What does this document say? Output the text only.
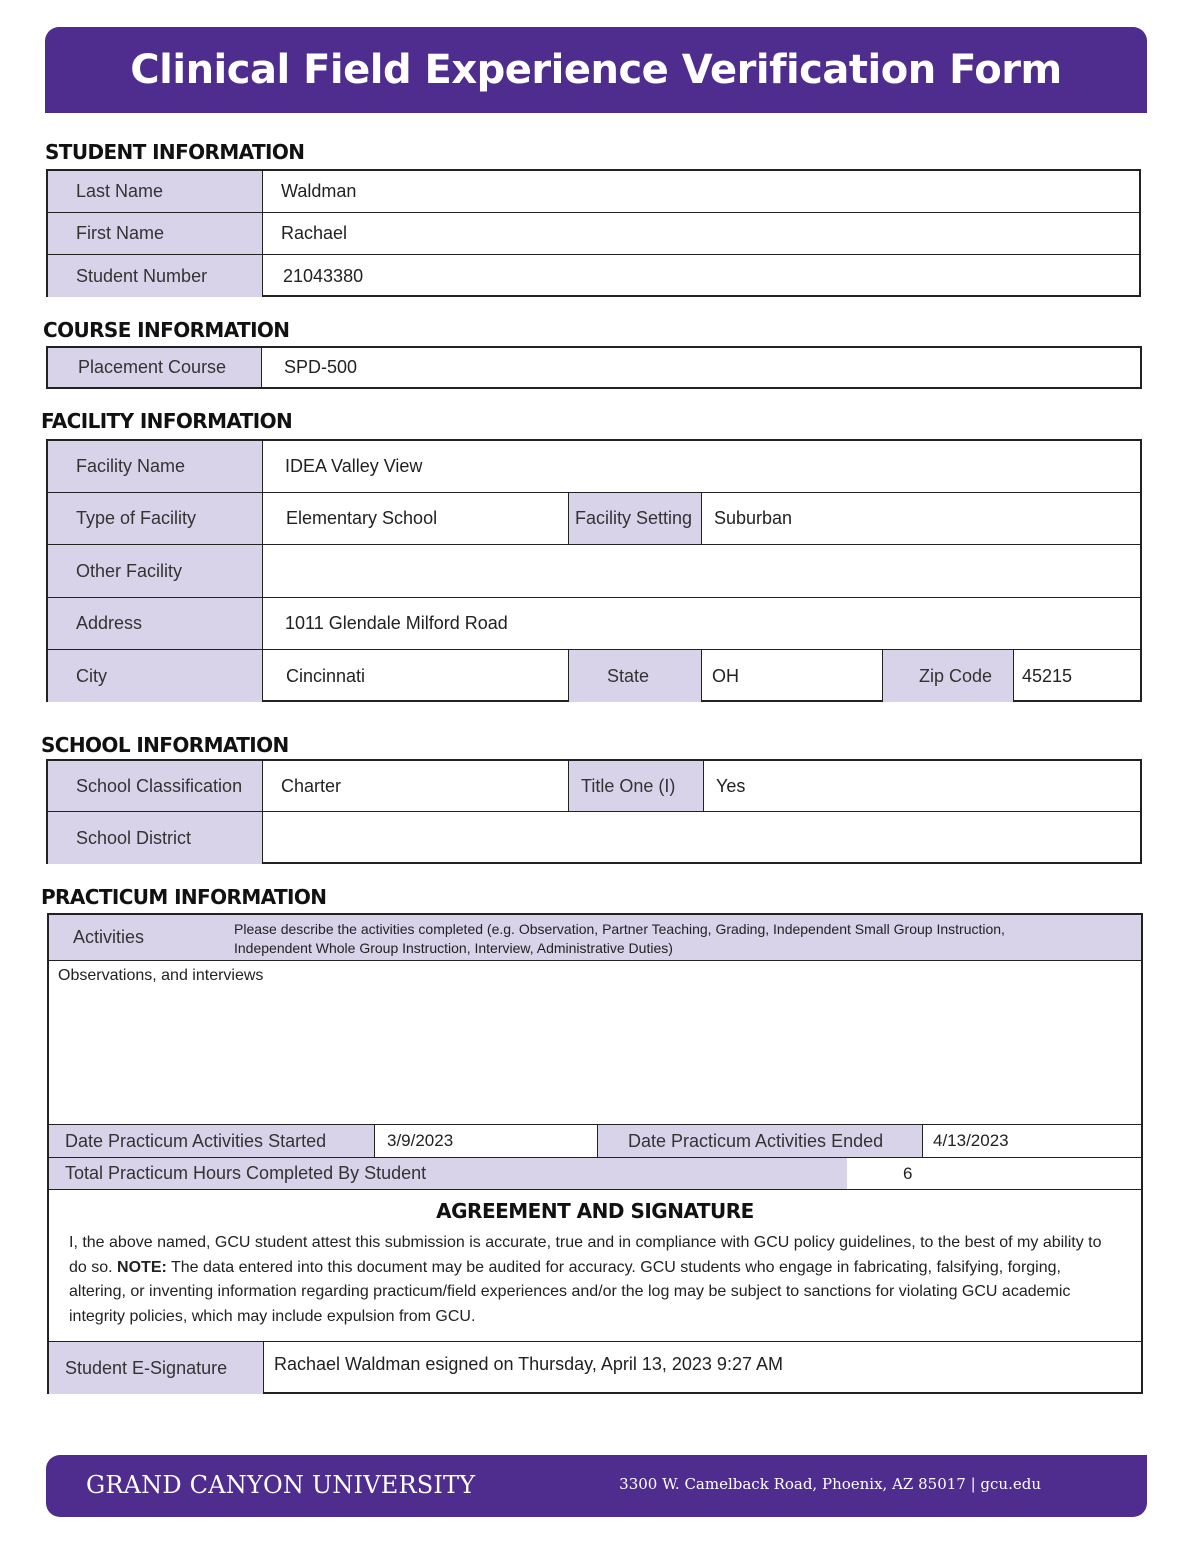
Clinical Field Experience Verification Form
STUDENT INFORMATION
Last Name	Waldman
First Name	Rachael
Student Number	21043380
COURSE INFORMATION
Placement Course	SPD-500
FACILITY INFORMATION
Facility Name	IDEA Valley View
Type of Facility	Elementary School	Facility Setting	Suburban
Other Facility
Address	1011 Glendale Milford Road
City	Cincinnati	State	OH	Zip Code	45215
SCHOOL INFORMATION
School Classification	Charter	Title One (I)	Yes
School District
PRACTICUM INFORMATION
Activities	Please describe the activities completed (e.g. Observation, Partner Teaching, Grading, Independent Small Group Instruction, Independent Whole Group Instruction, Interview, Administrative Duties)
Observations, and interviews
Date Practicum Activities Started	3/9/2023	Date Practicum Activities Ended	4/13/2023
Total Practicum Hours Completed By Student	6
AGREEMENT AND SIGNATURE
I, the above named, GCU student attest this submission is accurate, true and in compliance with GCU policy guidelines, to the best of my ability to do so. NOTE: The data entered into this document may be audited for accuracy. GCU students who engage in fabricating, falsifying, forging, altering, or inventing information regarding practicum/field experiences and/or the log may be subject to sanctions for violating GCU academic integrity policies, which may include expulsion from GCU.
Student E-Signature	Rachael Waldman esigned on Thursday, April 13, 2023 9:27 AM
GRAND CANYON UNIVERSITY	3300 W. Camelback Road, Phoenix, AZ 85017 | gcu.edu
